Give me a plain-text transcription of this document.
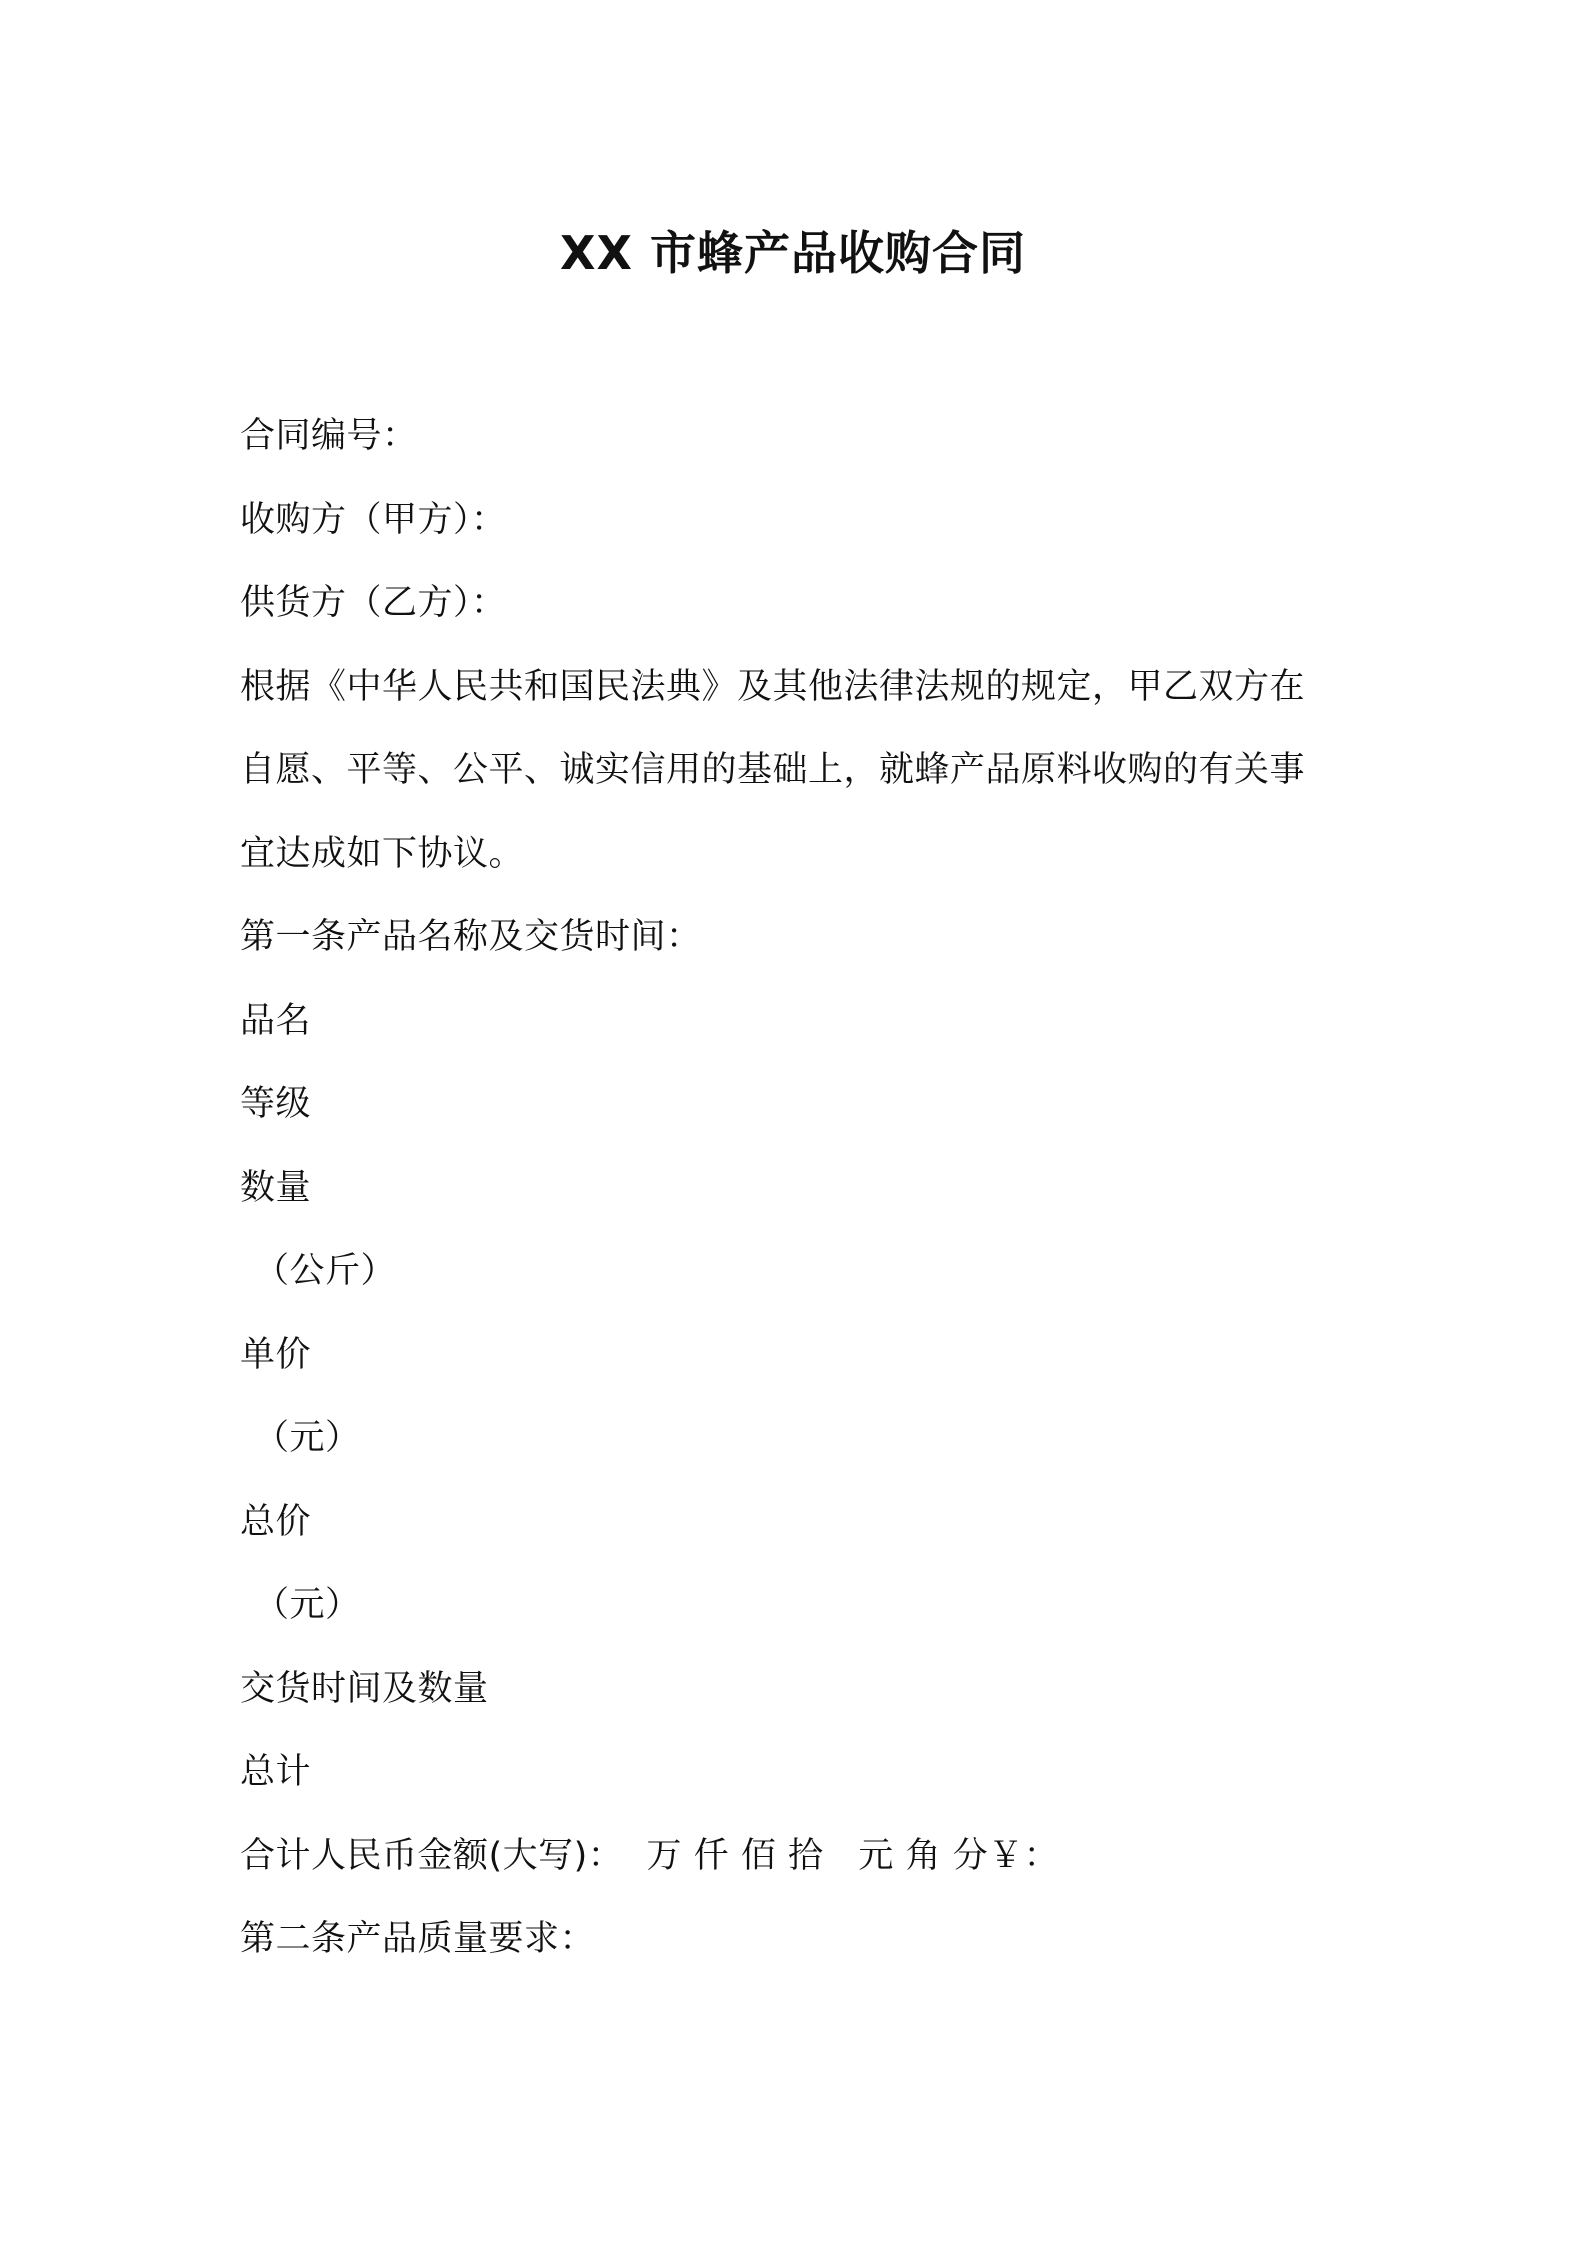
XX 市蜂产品收购合同
合同编号：
收购方（甲方）：
供货方（乙方）：
根据《中华人民共和国民法典》及其他法律法规的规定，甲乙双方在
自愿、平等、公平、诚实信用的基础上，就蜂产品原料收购的有关事
宜达成如下协议。
第一条产品名称及交货时间：
品名
等级
数量
（公斤）
单价
（元）
总价
（元）
交货时间及数量
总计
合计人民币金额(大写)：  万 仟 佰 拾   元 角 分￥：
第二条产品质量要求：
